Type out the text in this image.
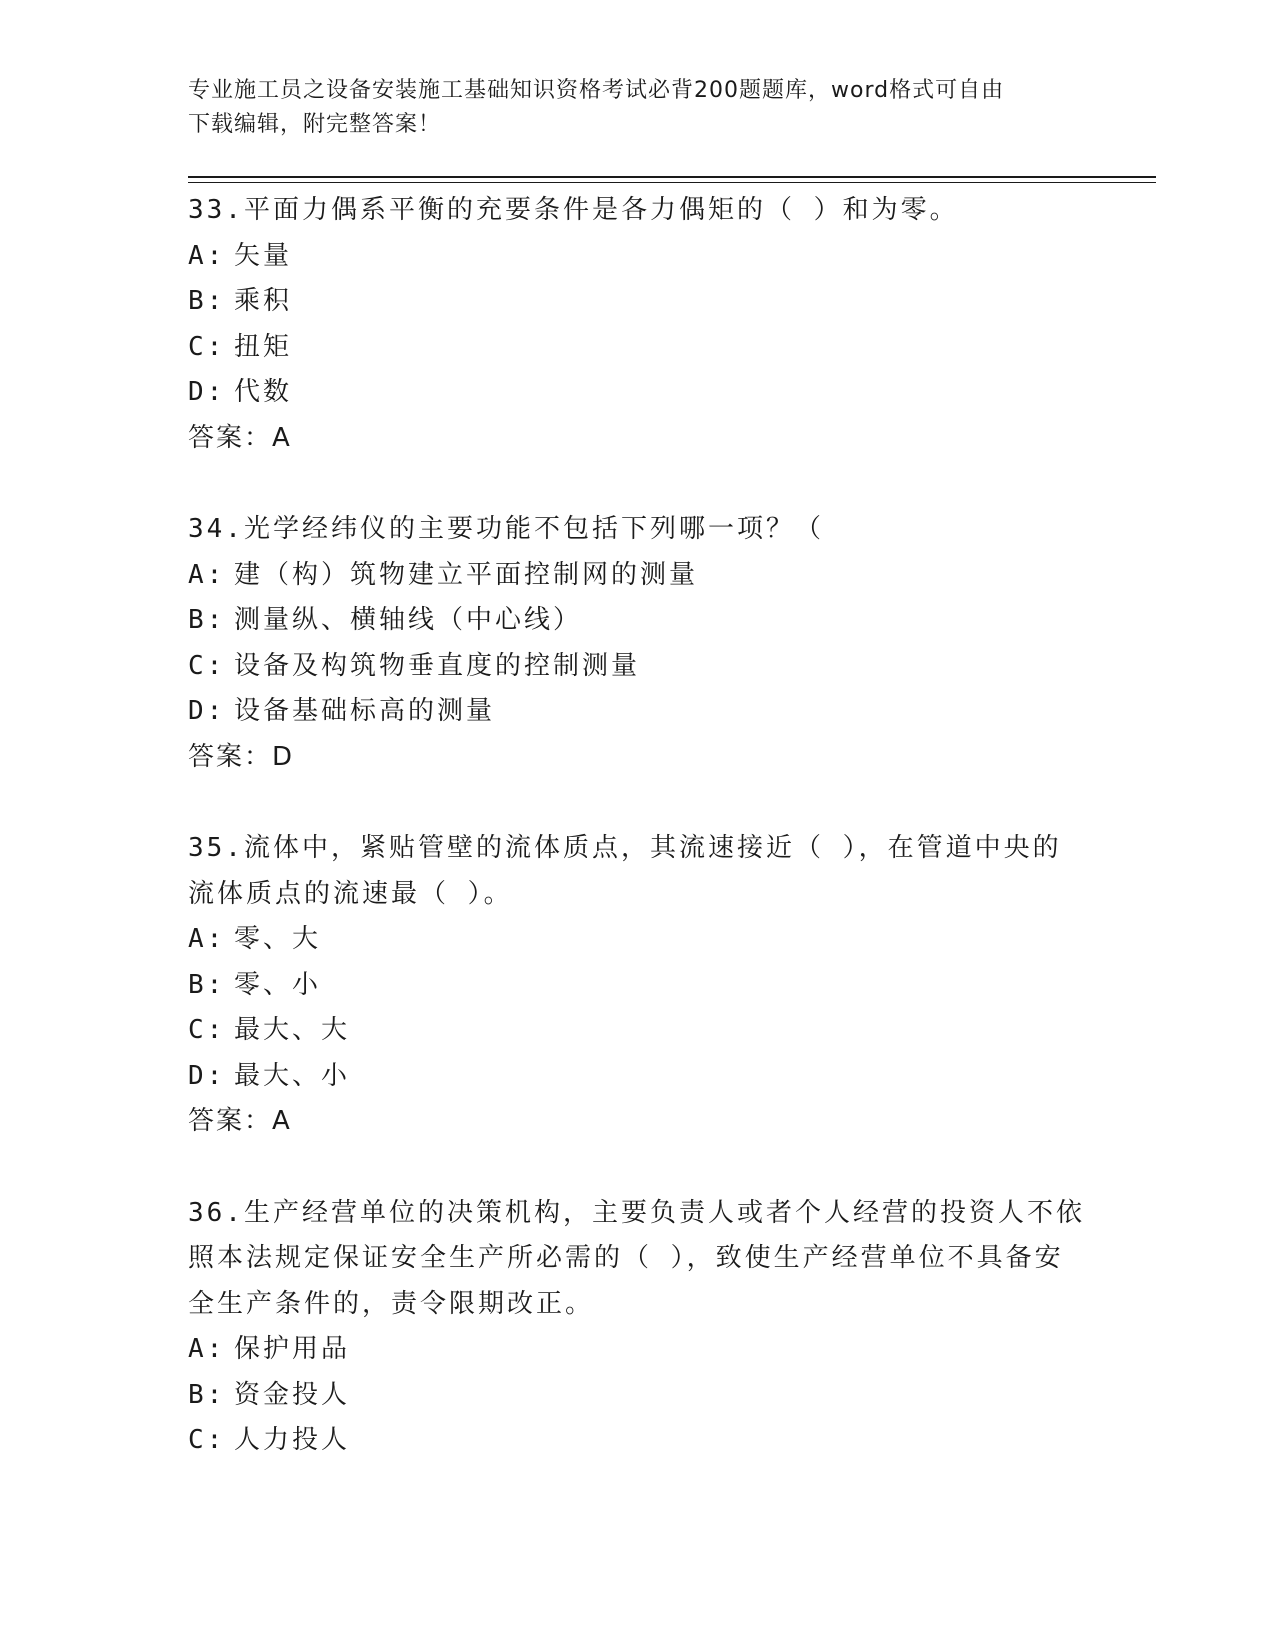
专业施工员之设备安装施工基础知识资格考试必背200题题库，word格式可自由
下载编辑，附完整答案！
33.平面力偶系平衡的充要条件是各力偶矩的（ ）和为零。
A: 矢量
B: 乘积
C: 扭矩
D: 代数
答案：A
34.光学经纬仪的主要功能不包括下列哪一项？（
A: 建（构）筑物建立平面控制网的测量
B: 测量纵、横轴线（中心线）
C: 设备及构筑物垂直度的控制测量
D: 设备基础标高的测量
答案：D
35.流体中，紧贴管壁的流体质点，其流速接近（ ），在管道中央的
流体质点的流速最（ ）。
A: 零、大
B: 零、小
C: 最大、大
D: 最大、小
答案：A
36.生产经营单位的决策机构，主要负责人或者个人经营的投资人不依
照本法规定保证安全生产所必需的（ ），致使生产经营单位不具备安
全生产条件的，责令限期改正。
A: 保护用品
B: 资金投人
C: 人力投人
